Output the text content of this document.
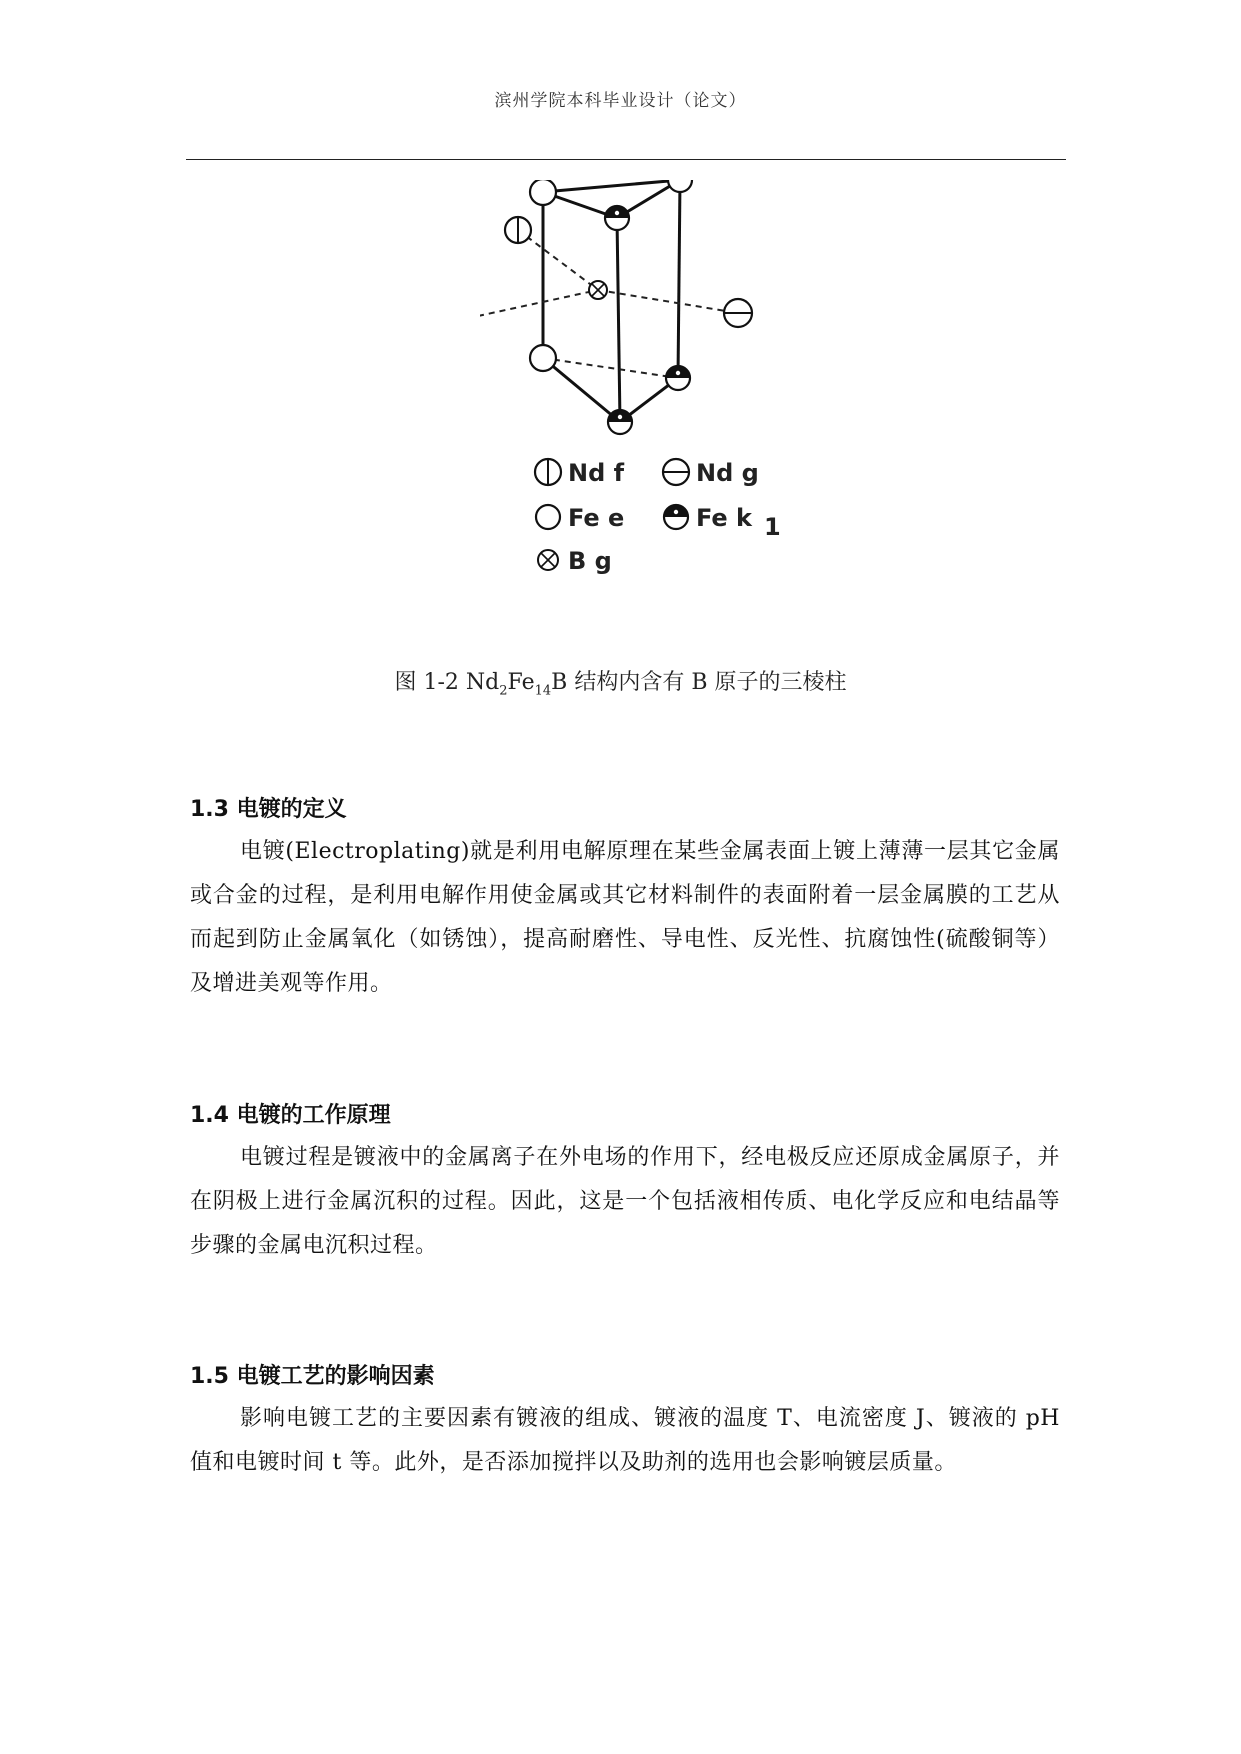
滨州学院本科毕业设计（论文）
Nd f	Nd g
Fe e	Fe k 1
B g
图 1-2 $Nd_2Fe_{14}B$ 结构内含有 B 原子的三棱柱
1.3 电镀的定义

电镀(Electroplating)就是利用电解原理在某些金属表面上镀上薄薄一层其它金属或合金的过程，是利用电解作用使金属或其它材料制件的表面附着一层金属膜的工艺从而起到防止金属氧化（如锈蚀），提高耐磨性、导电性、反光性、抗腐蚀性(硫酸铜等）及增进美观等作用。

1.4 电镀的工作原理

电镀过程是镀液中的金属离子在外电场的作用下，经电极反应还原成金属原子，并在阴极上进行金属沉积的过程。因此，这是一个包括液相传质、电化学反应和电结晶等步骤的金属电沉积过程。

1.5 电镀工艺的影响因素

影响电镀工艺的主要因素有镀液的组成、镀液的温度 T、电流密度 J、镀液的 pH 值和电镀时间 t 等。此外，是否添加搅拌以及助剂的选用也会影响镀层质量。
